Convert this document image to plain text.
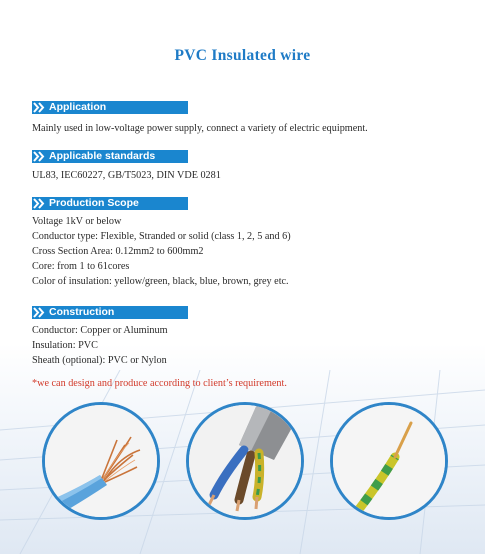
PVC Insulated wire
Application
Mainly used in low-voltage power supply, connect a variety of electric equipment.
Applicable standards
UL83, IEC60227, GB/T5023, DIN VDE 0281
Production Scope
Voltage 1kV or below
Conductor type: Flexible, Stranded or solid (class 1, 2, 5 and 6)
Cross Section Area: 0.12mm2 to 600mm2
Core: from 1 to 61cores
Color of insulation: yellow/green, black, blue, brown, grey etc.
Construction
Conductor: Copper or Aluminum
Insulation: PVC
Sheath (optional): PVC or Nylon
*we can design and produce according to client’s requirement.
